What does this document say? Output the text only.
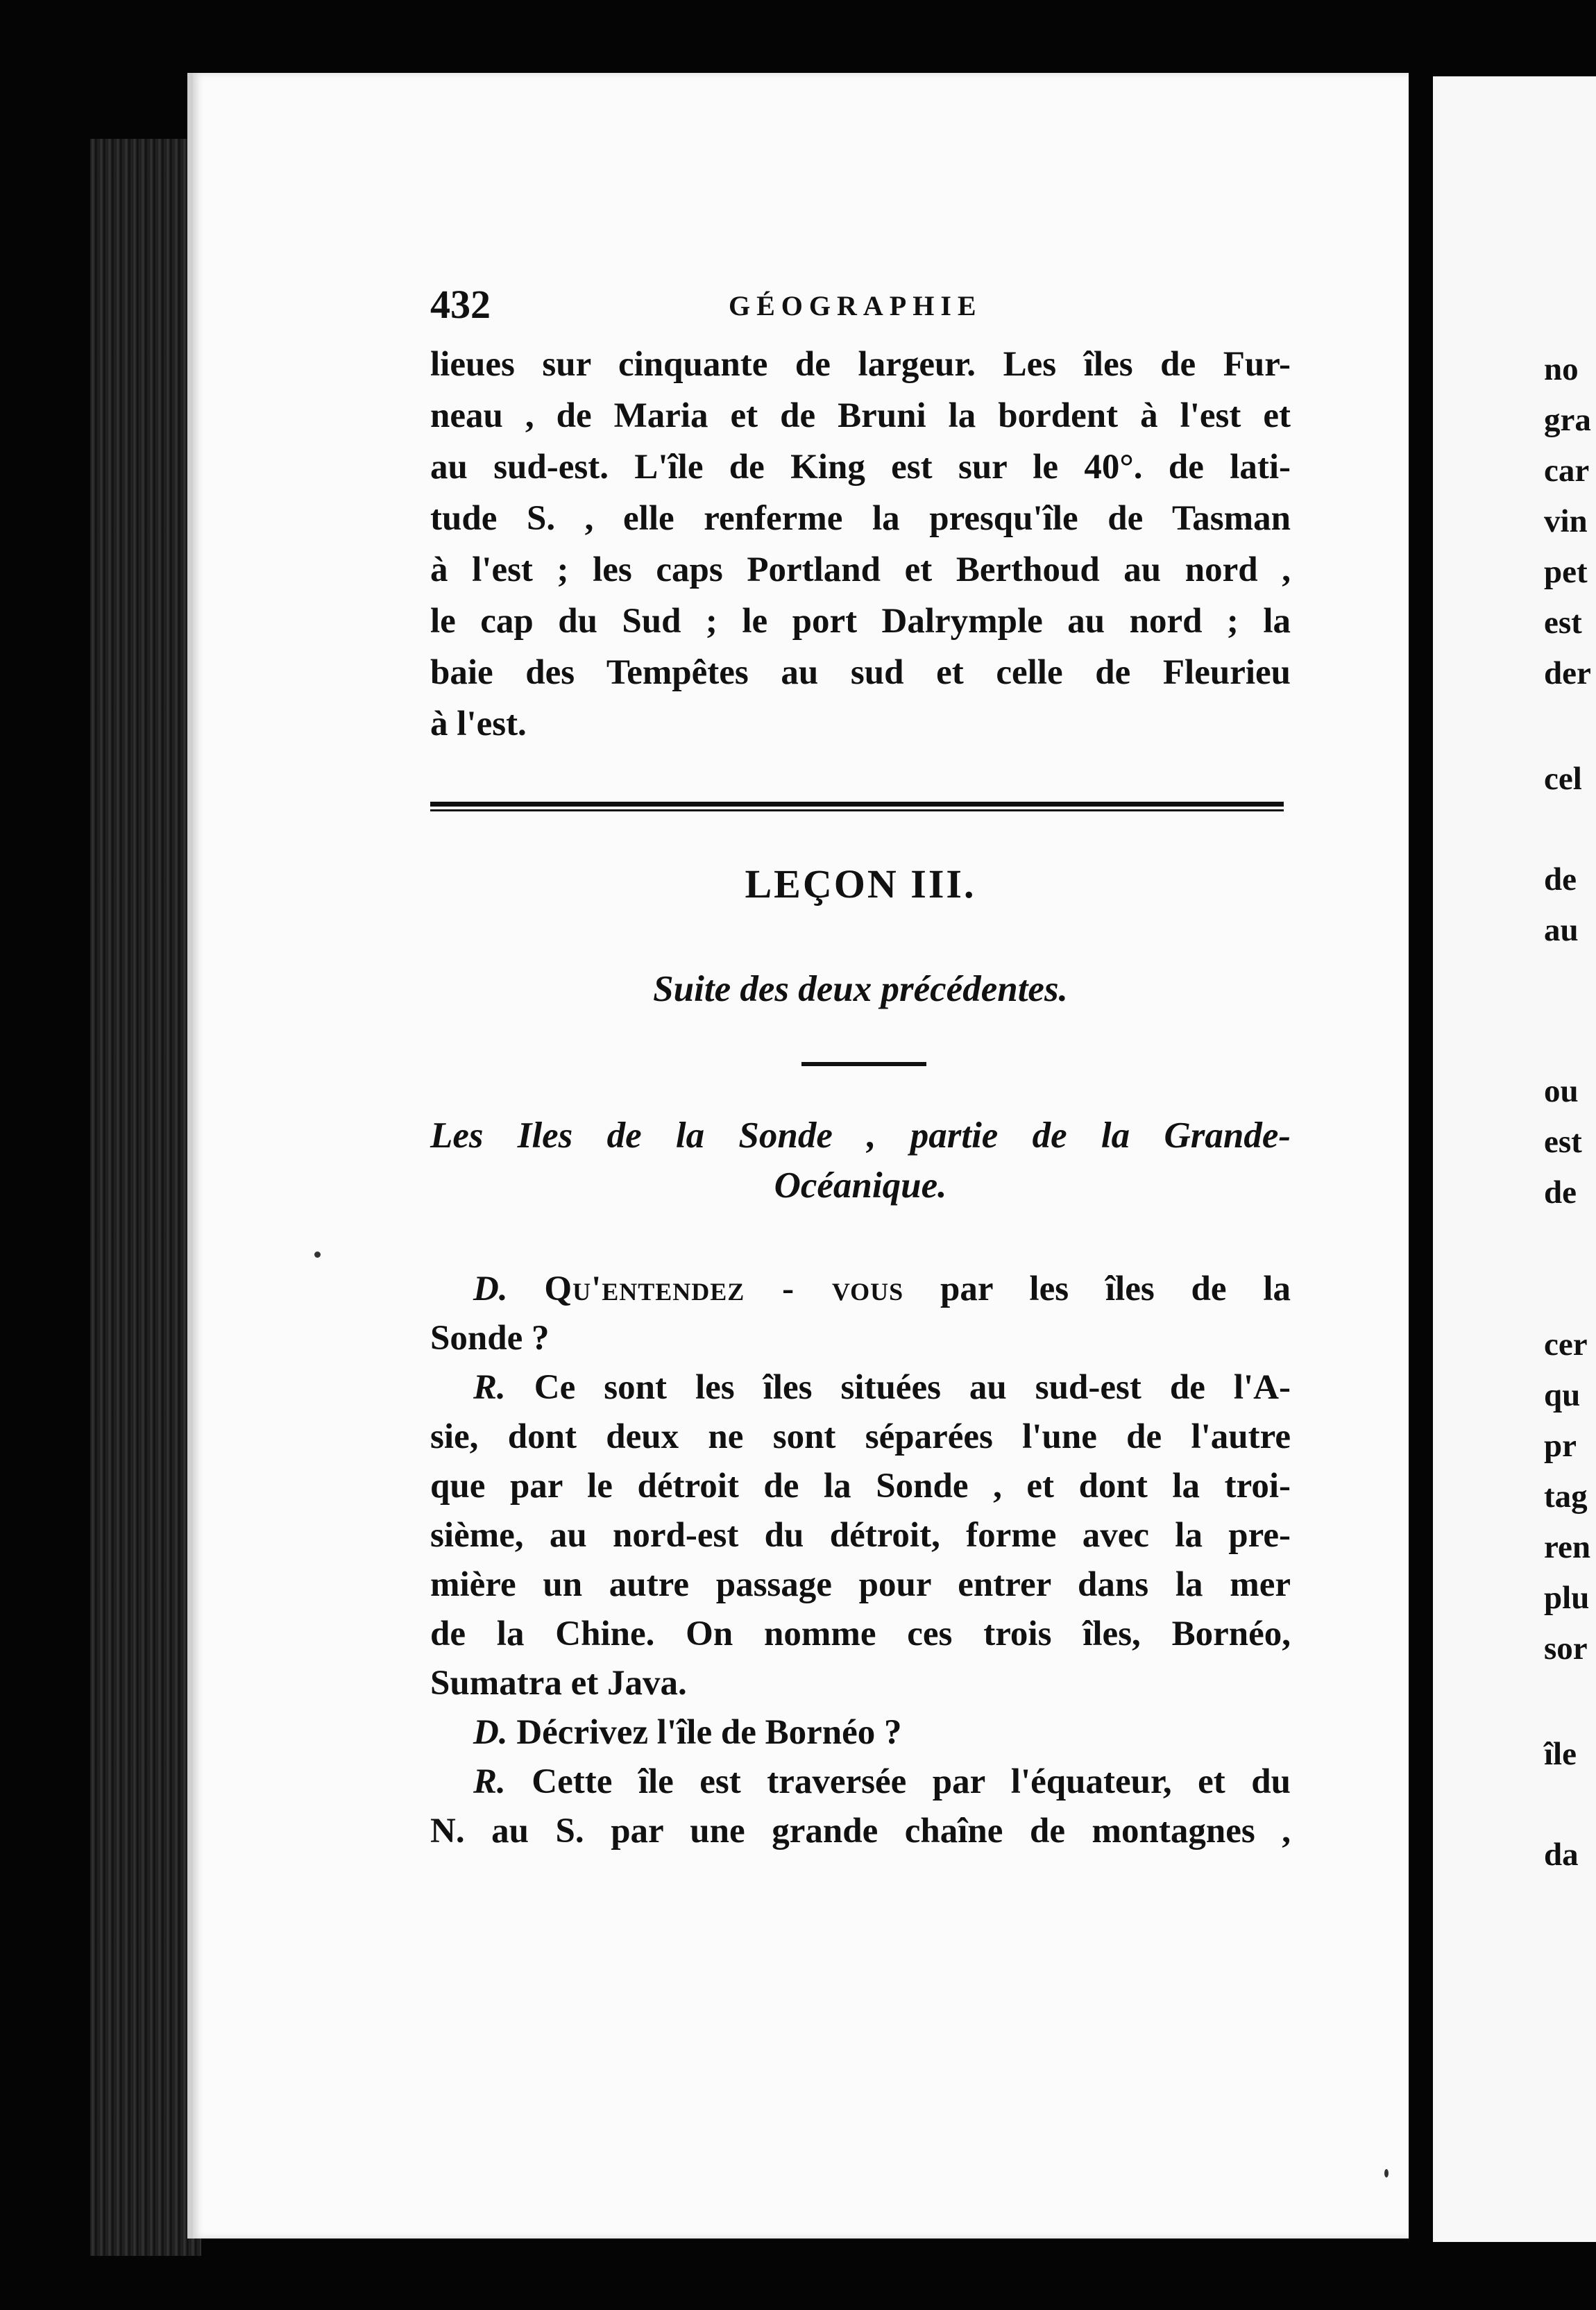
432	GÉOGRAPHIE
lieues sur cinquante de largeur. Les îles de Fur-
neau , de Maria et de Bruni la bordent à l'est et
au sud-est. L'île de King est sur le 40°. de lati-
tude S. , elle renferme la presqu'île de Tasman
à l'est ; les caps Portland et Berthoud au nord ,
le cap du Sud ; le port Dalrymple au nord ; la
baie des Tempêtes au sud et celle de Fleurieu
à l'est.
LEÇON III.
Suite des deux précédentes.
Les Iles de la Sonde , partie de la Grande-
Océanique.
D. Qu'entendez - vous par les îles de la
Sonde ?
R. Ce sont les îles situées au sud-est de l'A-
sie, dont deux ne sont séparées l'une de l'autre
que par le détroit de la Sonde , et dont la troi-
sième, au nord-est du détroit, forme avec la pre-
mière un autre passage pour entrer dans la mer
de la Chine. On nomme ces trois îles, Bornéo,
Sumatra et Java.
D. Décrivez l'île de Bornéo ?
R. Cette île est traversée par l'équateur, et du
N. au S. par une grande chaîne de montagnes ,
no
gra
car
vin
pet
est
der
cel
de
au
ou
est
de
cer
qu
pr
tag
ren
plu
sor
île
da
